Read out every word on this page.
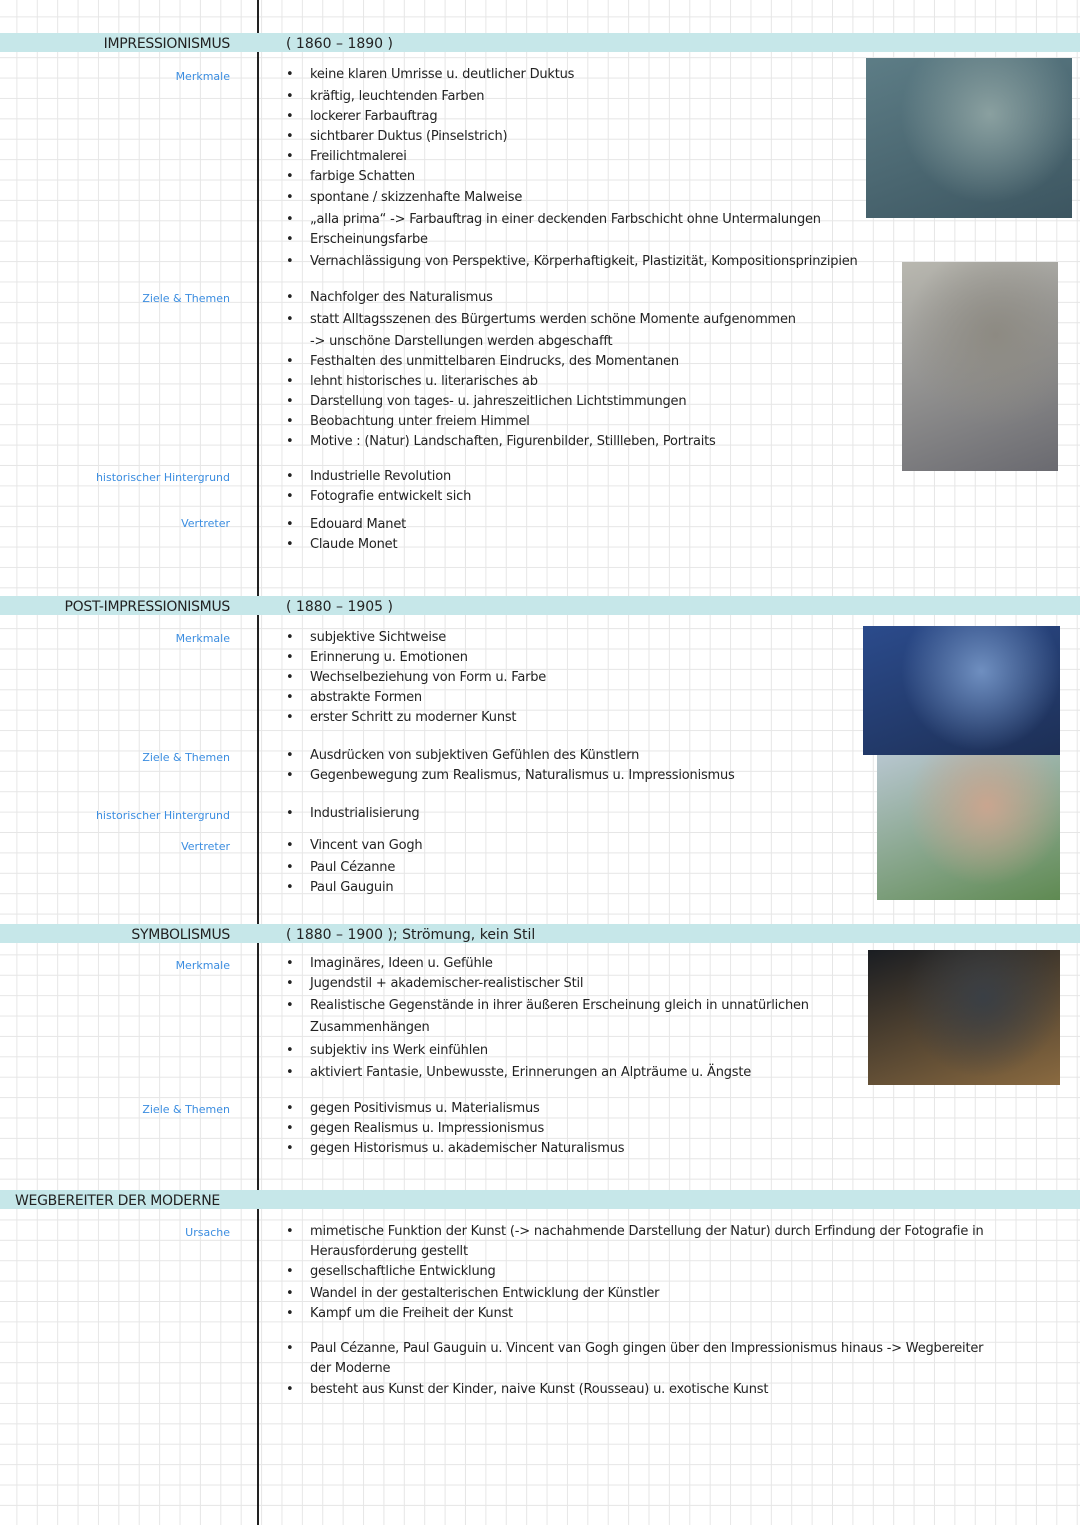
IMPRESSIONISMUS	( 1860 – 1890 )
Merkmale	• keine klaren Umrisse u. deutlicher Duktus
• kräftig, leuchtenden Farben
• lockerer Farbauftrag
• sichtbarer Duktus (Pinselstrich)
• Freilichtmalerei
• farbige Schatten
• spontane / skizzenhafte Malweise
• „alla prima“ -> Farbauftrag in einer deckenden Farbschicht ohne Untermalungen
• Erscheinungsfarbe
• Vernachlässigung von Perspektive, Körperhaftigkeit, Plastizität, Kompositionsprinzipien
Ziele & Themen	• Nachfolger des Naturalismus
• statt Alltagsszenen des Bürgertums werden schöne Momente aufgenommen
-> unschöne Darstellungen werden abgeschafft
• Festhalten des unmittelbaren Eindrucks, des Momentanen
• lehnt historisches u. literarisches ab
• Darstellung von tages- u. jahreszeitlichen Lichtstimmungen
• Beobachtung unter freiem Himmel
• Motive : (Natur) Landschaften, Figurenbilder, Stillleben, Portraits
historischer Hintergrund	• Industrielle Revolution
• Fotografie entwickelt sich
Vertreter	• Edouard Manet
• Claude Monet
POST-IMPRESSIONISMUS	( 1880 – 1905 )
Merkmale	• subjektive Sichtweise
• Erinnerung u. Emotionen
• Wechselbeziehung von Form u. Farbe
• abstrakte Formen
• erster Schritt zu moderner Kunst
Ziele & Themen	• Ausdrücken von subjektiven Gefühlen des Künstlern
• Gegenbewegung zum Realismus, Naturalismus u. Impressionismus
historischer Hintergrund	• Industrialisierung
Vertreter	• Vincent van Gogh
• Paul Cézanne
• Paul Gauguin
SYMBOLISMUS	( 1880 – 1900 ); Strömung, kein Stil
Merkmale	• Imaginäres, Ideen u. Gefühle
• Jugendstil + akademischer-realistischer Stil
• Realistische Gegenstände in ihrer äußeren Erscheinung gleich in unnatürlichen
Zusammenhängen
• subjektiv ins Werk einfühlen
• aktiviert Fantasie, Unbewusste, Erinnerungen an Alpträume u. Ängste
Ziele & Themen	• gegen Positivismus u. Materialismus
• gegen Realismus u. Impressionismus
• gegen Historismus u. akademischer Naturalismus
WEGBEREITER DER MODERNE
Ursache	• mimetische Funktion der Kunst (-> nachahmende Darstellung der Natur) durch Erfindung der Fotografie in
Herausforderung gestellt
• gesellschaftliche Entwicklung
• Wandel in der gestalterischen Entwicklung der Künstler
• Kampf um die Freiheit der Kunst
• Paul Cézanne, Paul Gauguin u. Vincent van Gogh gingen über den Impressionismus hinaus -> Wegbereiter
der Moderne
• besteht aus Kunst der Kinder, naive Kunst (Rousseau) u. exotische Kunst
